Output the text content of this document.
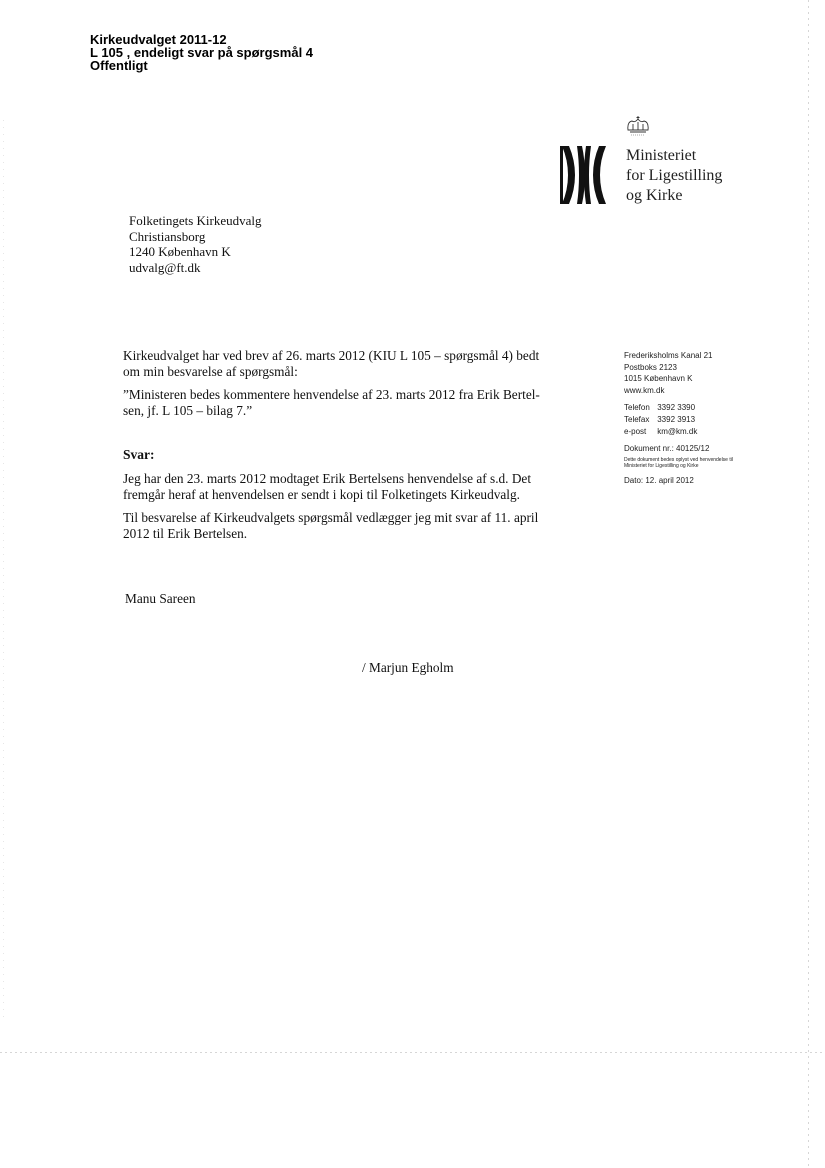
Kirkeudvalget 2011-12
L 105 , endeligt svar på spørgsmål 4
Offentligt
Ministeriet
for Ligestilling
og Kirke
Folketingets Kirkeudvalg
Christiansborg
1240 København K
udvalg@ft.dk
Frederiksholms Kanal 21
Postboks 2123
1015 København K
www.km.dk
Telefon 3392 3390
Telefax 3392 3913
e-post km@km.dk
Dokument nr.: 40125/12
Dette dokument bedes oplyst ved henvendelse til Ministeriet for Ligestilling og Kirke
Dato: 12. april 2012

Kirkeudvalget har ved brev af 26. marts 2012 (KIU L 105 – spørgsmål 4) bedt
om min besvarelse af spørgsmål:

”Ministeren bedes kommentere henvendelse af 23. marts 2012 fra Erik Bertel-
sen, jf. L 105 – bilag 7.”

Svar:

Jeg har den 23. marts 2012 modtaget Erik Bertelsens henvendelse af s.d. Det
fremgår heraf at henvendelsen er sendt i kopi til Folketingets Kirkeudvalg.

Til besvarelse af Kirkeudvalgets spørgsmål vedlægger jeg mit svar af 11. april
2012 til Erik Bertelsen.

Manu Sareen
/ Marjun Egholm
